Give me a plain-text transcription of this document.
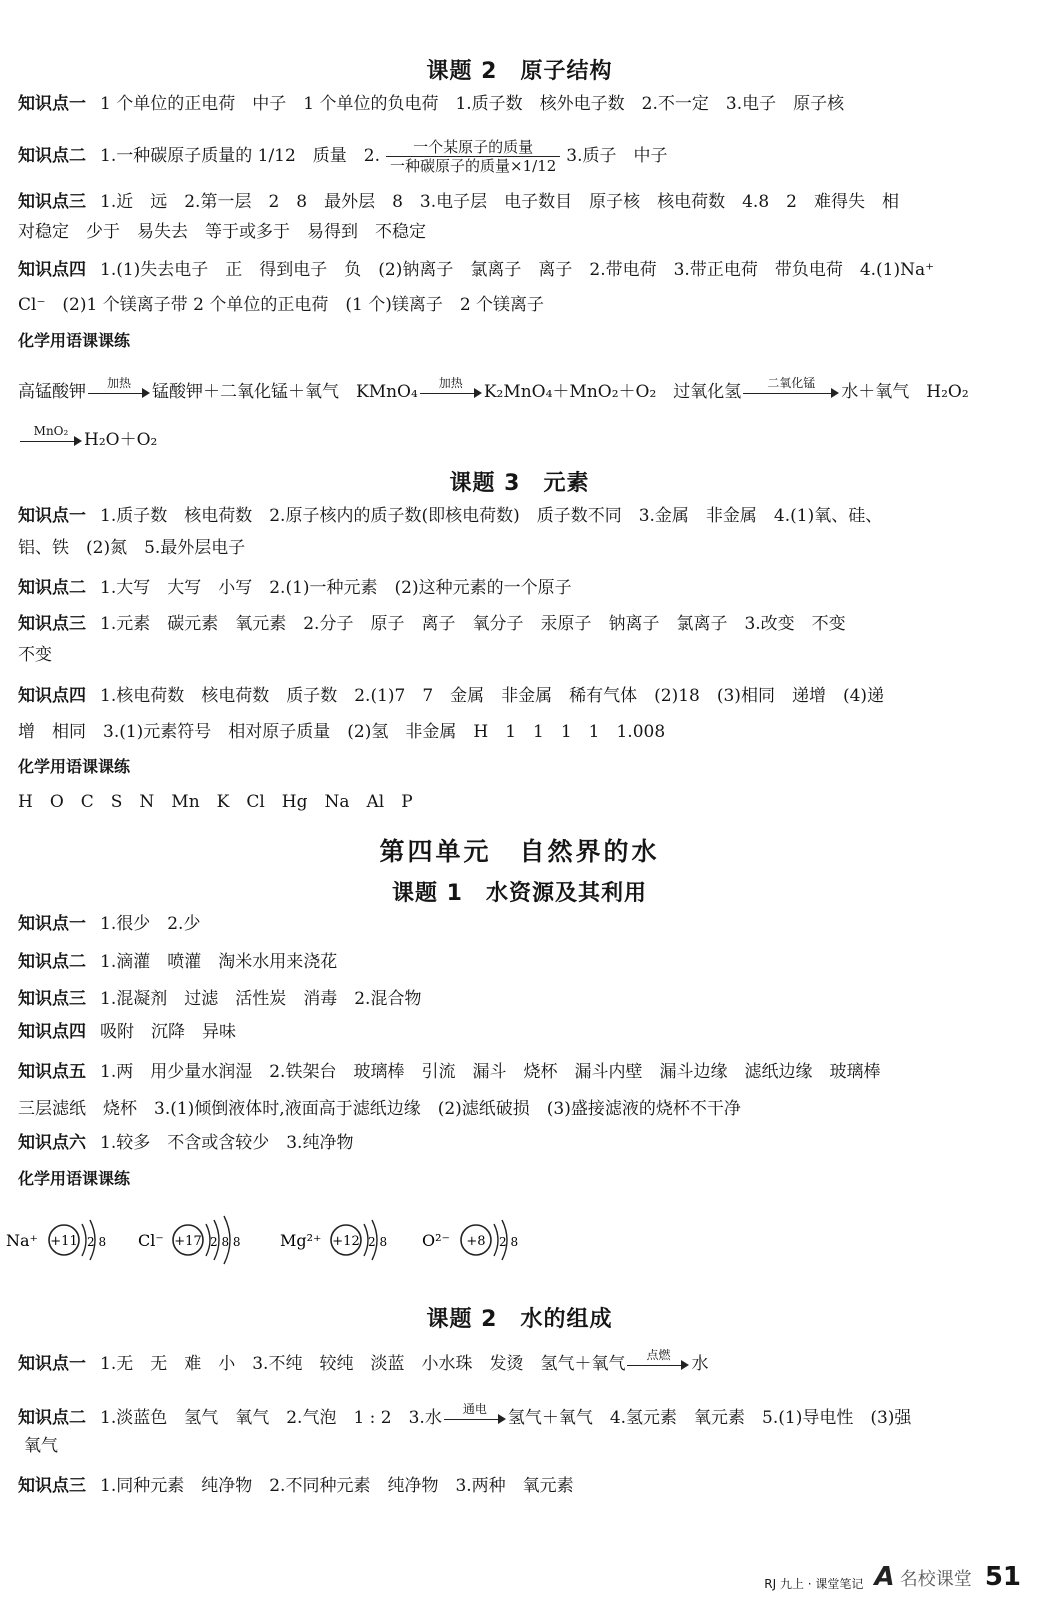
课题 2　原子结构
知识点一 1 个单位的正电荷　中子　1 个单位的负电荷　1.质子数　核外电子数　2.不一定　3.电子　原子核
知识点二 1.一种碳原子质量的 1/12　质量　2. $\frac{\text{一个某原子的质量}}{\text{一种碳原子的质量×1/12}} 3$.质子　中子
知识点三 1.近　远　2.第一层　2　8　最外层　8　3.电子层　电子数目　原子核　核电荷数　4.8　2　难得失　相
对稳定　少于　易失去　等于或多于　易得到　不稳定
知识点四 1.(1)失去电子　正　得到电子　负　(2)钠离子　氯离子　离子　2.带电荷　3.带正电荷　带负电荷　4.(1)Na⁺
Cl⁻　(2)1 个镁离子带 2 个单位的正电荷　(1 个)镁离子　2 个镁离子
化学用语课课练
高锰酸钾	加热	锰酸钾＋二氧化锰＋氧气　KMnO₄	加热	K₂MnO₄＋MnO₂＋O₂　过氧化氢	二氧化锰	水＋氧气　H₂O₂
MnO₂ H₂O＋O₂
课题 3　元素
知识点一 1.质子数　核电荷数　2.原子核内的质子数(即核电荷数)　质子数不同　3.金属　非金属　4.(1)氧、硅、
铝、铁　(2)氮　5.最外层电子
知识点二 1.大写　大写　小写　2.(1)一种元素　(2)这种元素的一个原子
知识点三 1.元素　碳元素　氧元素　2.分子　原子　离子　氧分子　汞原子　钠离子　氯离子　3.改变　不变
不变
知识点四 1.核电荷数　核电荷数　质子数　2.(1)7　7　金属　非金属　稀有气体　(2)18　(3)相同　递增　(4)递
增　相同　3.(1)元素符号　相对原子质量　(2)氢　非金属　H　1　1　1　1　1.008
化学用语课课练
H　O　C　S　N　Mn　K　Cl　Hg　Na　Al　P
第四单元　自然界的水
课题 1　水资源及其利用
知识点一 1.很少　2.少
知识点二 1.滴灌　喷灌　淘米水用来浇花
知识点三 1.混凝剂　过滤　活性炭　消毒　2.混合物
知识点四 吸附　沉降　异味
知识点五 1.两　用少量水润湿　2.铁架台　玻璃棒　引流　漏斗　烧杯　漏斗内壁　漏斗边缘　滤纸边缘　玻璃棒
三层滤纸　烧杯　3.(1)倾倒液体时,液面高于滤纸边缘　(2)滤纸破损　(3)盛接滤液的烧杯不干净
知识点六 1.较多　不含或含较少　3.纯净物
化学用语课课练
Na⁺ +11 2 8 Cl⁻ +17 2 8 8 Mg²⁺ +12 2 8 O²⁻ +8 2 8
课题 2　水的组成
知识点一 1.无　无　难　小　3.不纯　较纯　淡蓝　小水珠　发烫　氢气＋氧气	点燃	水
知识点二 1.淡蓝色　氢气　氧气　2.气泡　1 : 2　3.水	通电	氢气＋氧气　4.氢元素　氧元素　5.(1)导电性　(3)强
氧气
知识点三 1.同种元素　纯净物　2.不同种元素　纯净物　3.两种　氧元素
RJ 九上 · 课堂笔记 A 名校课堂 51
